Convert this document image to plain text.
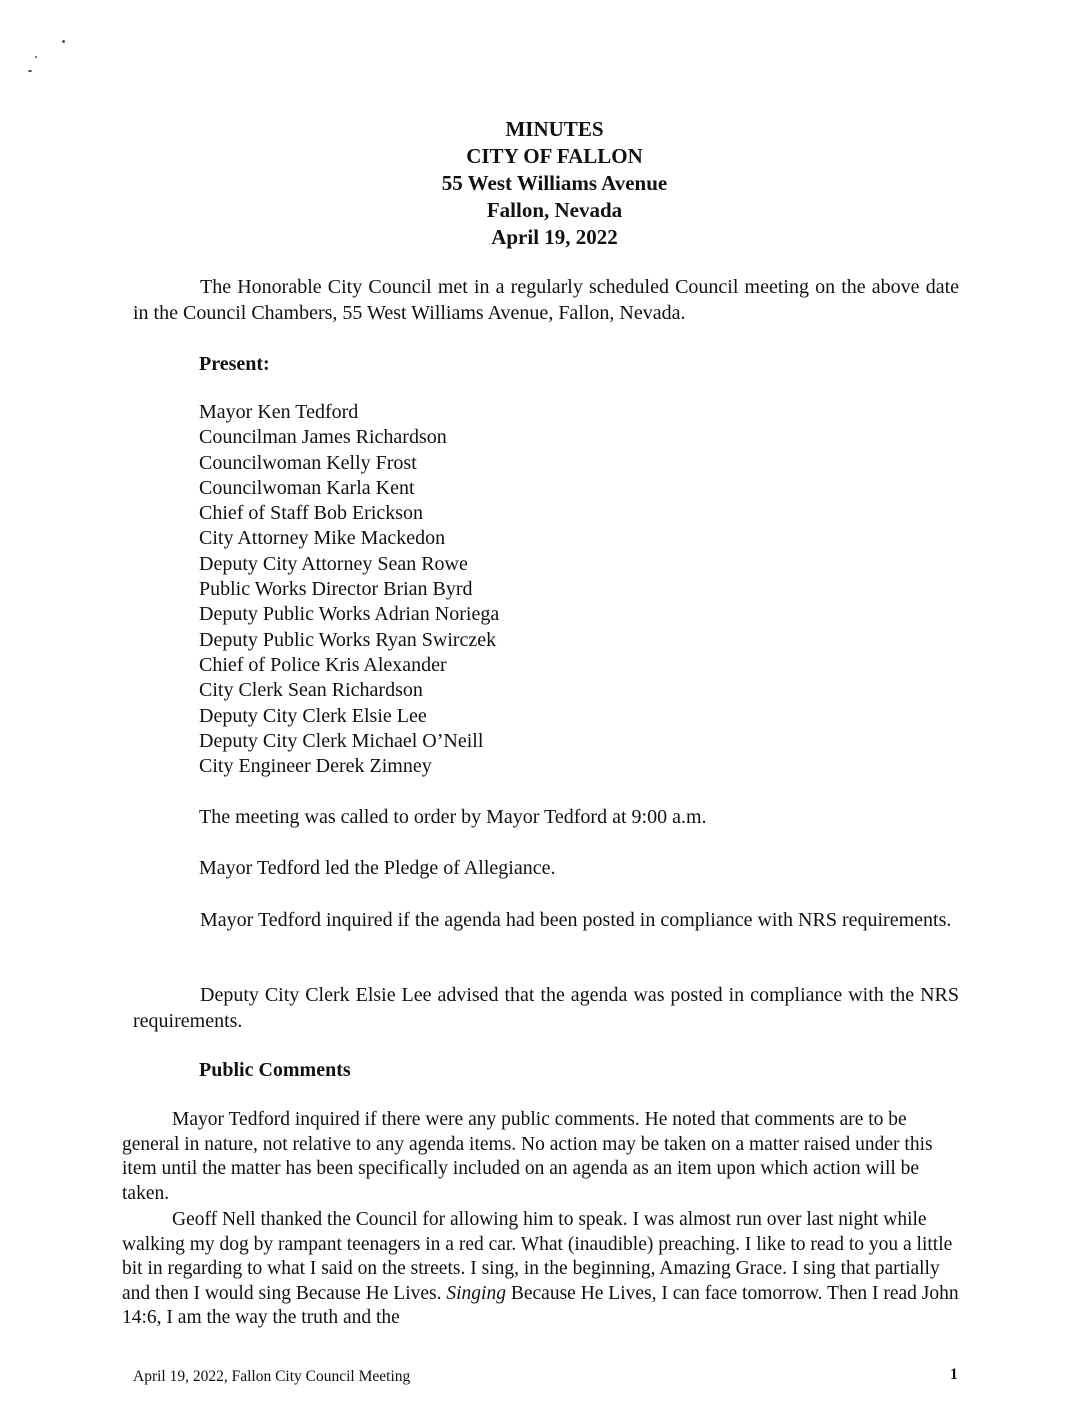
MINUTES
CITY OF FALLON
55 West Williams Avenue
Fallon, Nevada
April 19, 2022
The Honorable City Council met in a regularly scheduled Council meeting on the above date in the Council Chambers, 55 West Williams Avenue, Fallon, Nevada.
Present:
Mayor Ken Tedford
Councilman James Richardson
Councilwoman Kelly Frost
Councilwoman Karla Kent
Chief of Staff Bob Erickson
City Attorney Mike Mackedon
Deputy City Attorney Sean Rowe
Public Works Director Brian Byrd
Deputy Public Works Adrian Noriega
Deputy Public Works Ryan Swirczek
Chief of Police Kris Alexander
City Clerk Sean Richardson
Deputy City Clerk Elsie Lee
Deputy City Clerk Michael O’Neill
City Engineer Derek Zimney
The meeting was called to order by Mayor Tedford at 9:00 a.m.
Mayor Tedford led the Pledge of Allegiance.
Mayor Tedford inquired if the agenda had been posted in compliance with NRS requirements.
Deputy City Clerk Elsie Lee advised that the agenda was posted in compliance with the NRS requirements.
Public Comments
Mayor Tedford inquired if there were any public comments. He noted that comments are to be general in nature, not relative to any agenda items. No action may be taken on a matter raised under this item until the matter has been specifically included on an agenda as an item upon which action will be taken.
Geoff Nell thanked the Council for allowing him to speak. I was almost run over last night while walking my dog by rampant teenagers in a red car. What (inaudible) preaching. I like to read to you a little bit in regarding to what I said on the streets. I sing, in the beginning, Amazing Grace. I sing that partially and then I would sing Because He Lives. Singing Because He Lives, I can face tomorrow. Then I read John 14:6, I am the way the truth and the
April 19, 2022, Fallon City Council Meeting	1
